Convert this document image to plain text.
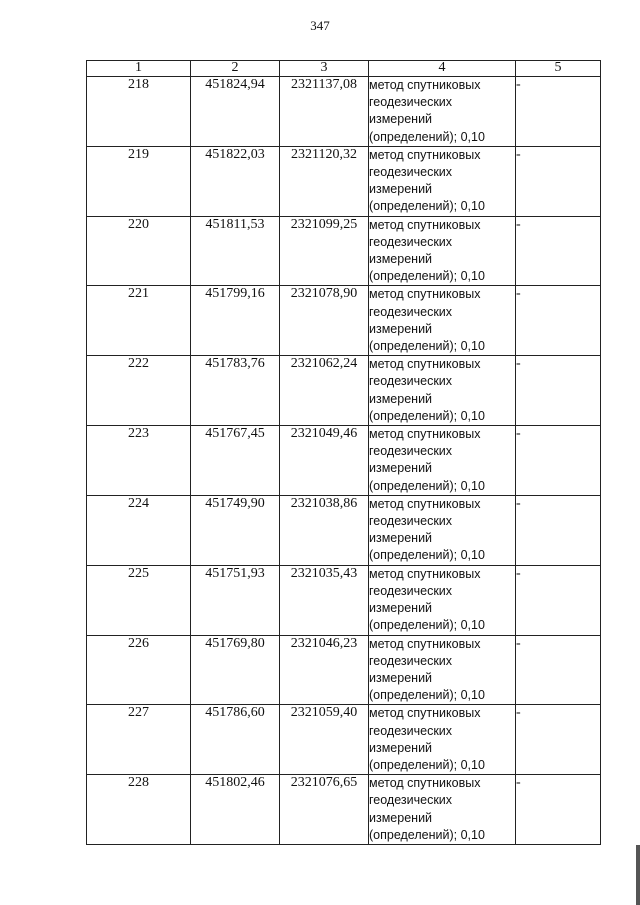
347
1	2	3	4	5
218	451824,94	2321137,08	метод спутниковых
геодезических
измерений
(определений); 0,10	-
219	451822,03	2321120,32	метод спутниковых
геодезических
измерений
(определений); 0,10	-
220	451811,53	2321099,25	метод спутниковых
геодезических
измерений
(определений); 0,10	-
221	451799,16	2321078,90	метод спутниковых
геодезических
измерений
(определений); 0,10	-
222	451783,76	2321062,24	метод спутниковых
геодезических
измерений
(определений); 0,10	-
223	451767,45	2321049,46	метод спутниковых
геодезических
измерений
(определений); 0,10	-
224	451749,90	2321038,86	метод спутниковых
геодезических
измерений
(определений); 0,10	-
225	451751,93	2321035,43	метод спутниковых
геодезических
измерений
(определений); 0,10	-
226	451769,80	2321046,23	метод спутниковых
геодезических
измерений
(определений); 0,10	-
227	451786,60	2321059,40	метод спутниковых
геодезических
измерений
(определений); 0,10	-
228	451802,46	2321076,65	метод спутниковых
геодезических
измерений
(определений); 0,10	-
